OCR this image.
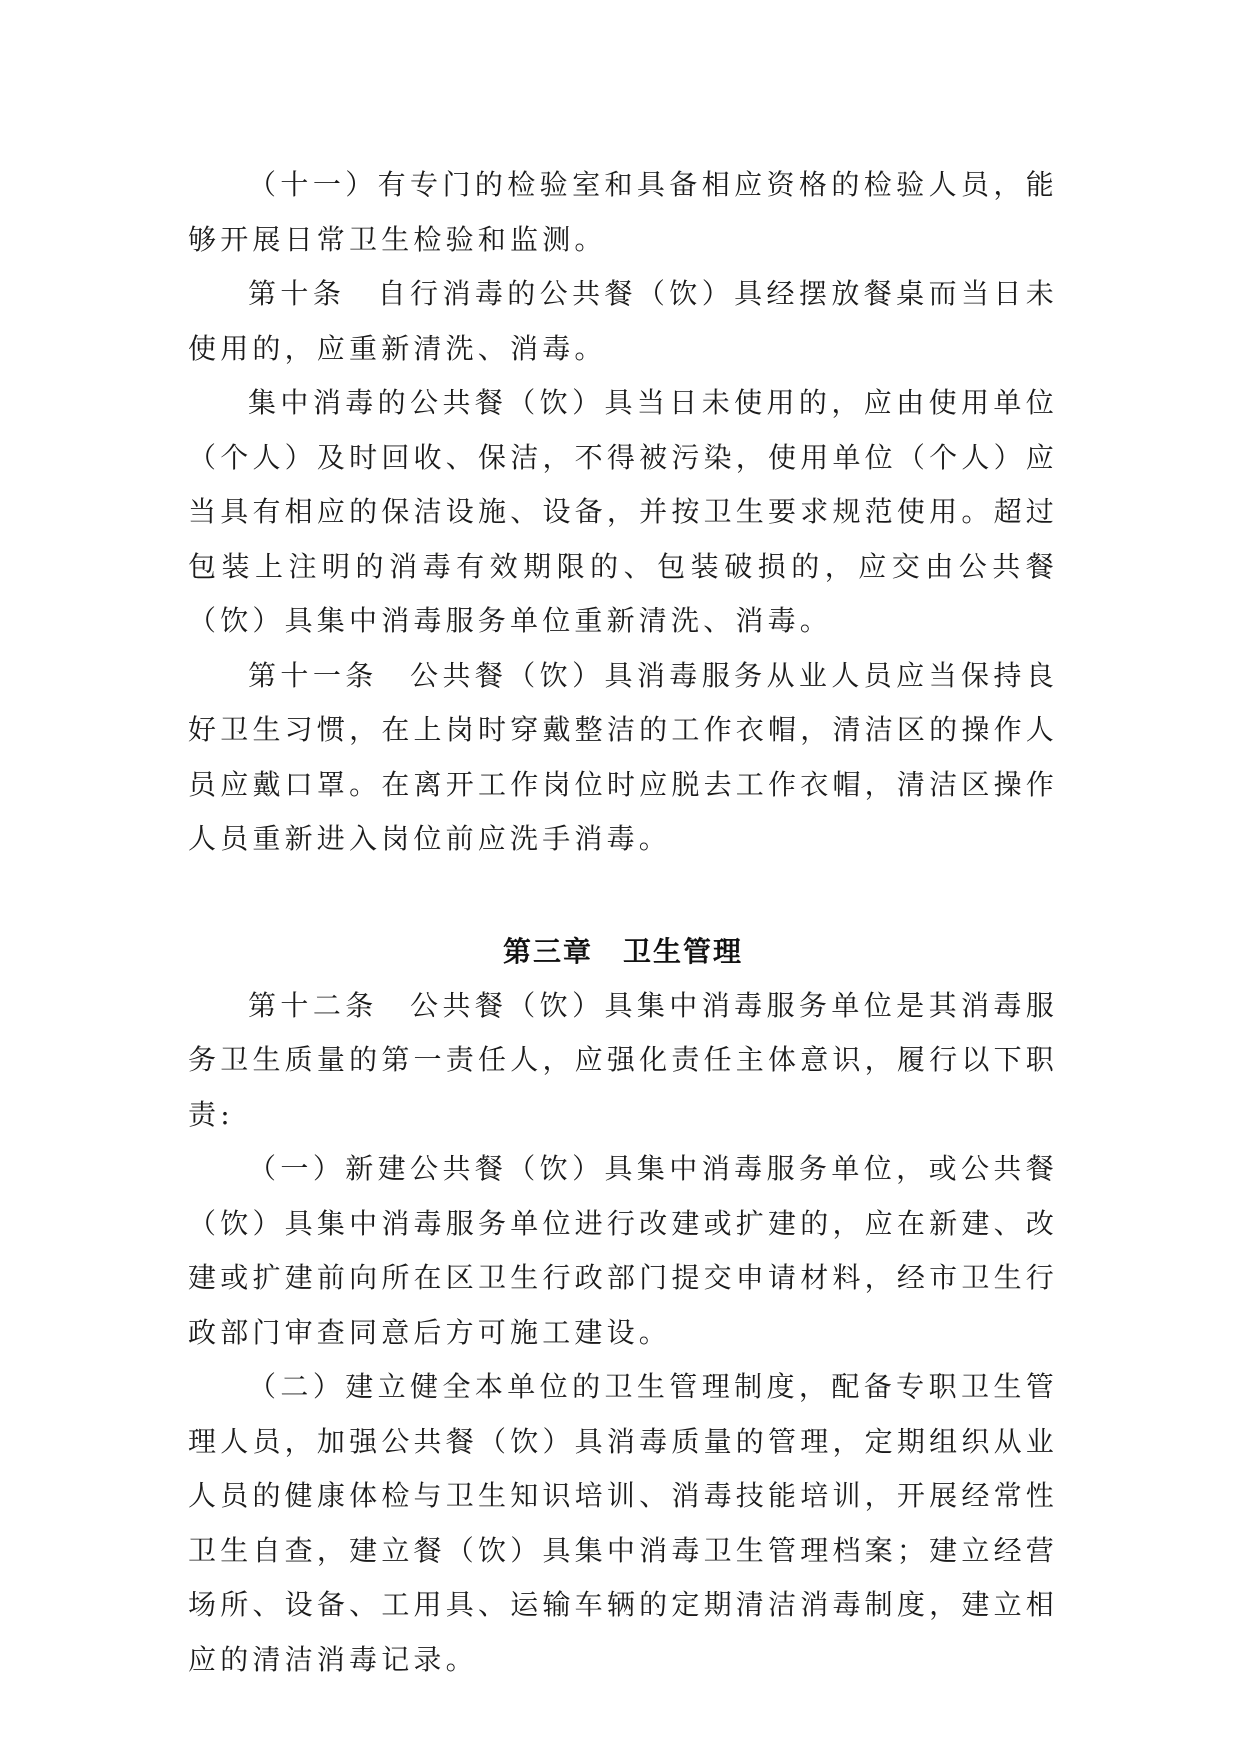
（十一）有专门的检验室和具备相应资格的检验人员，能够开展日常卫生检验和监测。

第十条　自行消毒的公共餐（饮）具经摆放餐桌而当日未使用的，应重新清洗、消毒。

集中消毒的公共餐（饮）具当日未使用的，应由使用单位（个人）及时回收、保洁，不得被污染，使用单位（个人）应当具有相应的保洁设施、设备，并按卫生要求规范使用。超过包装上注明的消毒有效期限的、包装破损的，应交由公共餐（饮）具集中消毒服务单位重新清洗、消毒。

第十一条　公共餐（饮）具消毒服务从业人员应当保持良好卫生习惯，在上岗时穿戴整洁的工作衣帽，清洁区的操作人员应戴口罩。在离开工作岗位时应脱去工作衣帽，清洁区操作人员重新进入岗位前应洗手消毒。

第三章　卫生管理

第十二条　公共餐（饮）具集中消毒服务单位是其消毒服务卫生质量的第一责任人，应强化责任主体意识，履行以下职责:

（一）新建公共餐（饮）具集中消毒服务单位，或公共餐（饮）具集中消毒服务单位进行改建或扩建的，应在新建、改建或扩建前向所在区卫生行政部门提交申请材料，经市卫生行政部门审查同意后方可施工建设。

（二）建立健全本单位的卫生管理制度，配备专职卫生管理人员，加强公共餐（饮）具消毒质量的管理，定期组织从业人员的健康体检与卫生知识培训、消毒技能培训，开展经常性卫生自查，建立餐（饮）具集中消毒卫生管理档案；建立经营场所、设备、工用具、运输车辆的定期清洁消毒制度，建立相应的清洁消毒记录。
